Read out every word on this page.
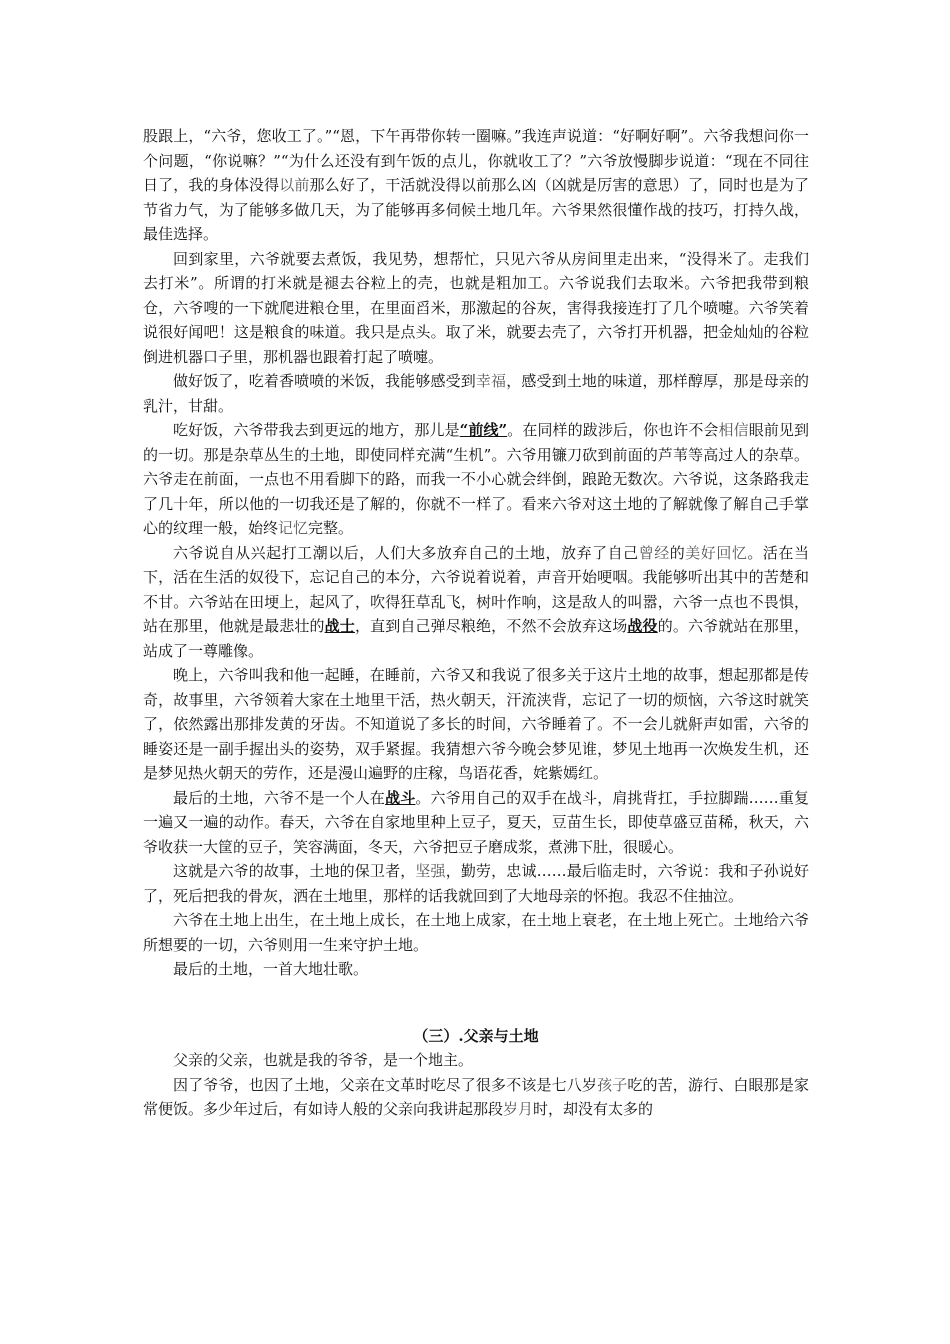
股跟上，“六爷，您收工了。”“恩，下午再带你转一圈嘛。”我连声说道：“好啊好啊”。六爷我想问你一个问题，“你说嘛？”“为什么还没有到午饭的点儿，你就收工了？”六爷放慢脚步说道：“现在不同往日了，我的身体没得以前那么好了，干活就没得以前那么凶（凶就是厉害的意思）了，同时也是为了节省力气，为了能够多做几天，为了能够再多伺候土地几年。六爷果然很懂作战的技巧，打持久战，最佳选择。

回到家里，六爷就要去煮饭，我见势，想帮忙，只见六爷从房间里走出来，“没得米了。走我们去打米”。所谓的打米就是褪去谷粒上的壳，也就是粗加工。六爷说我们去取米。六爷把我带到粮仓，六爷嗖的一下就爬进粮仓里，在里面舀米，那激起的谷灰，害得我接连打了几个喷嚏。六爷笑着说很好闻吧！这是粮食的味道。我只是点头。取了米，就要去壳了，六爷打开机器，把金灿灿的谷粒倒进机器口子里，那机器也跟着打起了喷嚏。

做好饭了，吃着香喷喷的米饭，我能够感受到幸福，感受到土地的味道，那样醇厚，那是母亲的乳汁，甘甜。

吃好饭，六爷带我去到更远的地方，那儿是“前线”。在同样的跋涉后，你也许不会相信眼前见到的一切。那是杂草丛生的土地，即使同样充满“生机”。六爷用镰刀砍到前面的芦苇等高过人的杂草。六爷走在前面，一点也不用看脚下的路，而我一不小心就会绊倒，踉跄无数次。六爷说，这条路我走了几十年，所以他的一切我还是了解的，你就不一样了。看来六爷对这土地的了解就像了解自己手掌心的纹理一般，始终记忆完整。

六爷说自从兴起打工潮以后，人们大多放弃自己的土地，放弃了自己曾经的美好回忆。活在当下，活在生活的奴役下，忘记自己的本分，六爷说着说着，声音开始哽咽。我能够听出其中的苦楚和不甘。六爷站在田埂上，起风了，吹得狂草乱飞，树叶作响，这是敌人的叫嚣，六爷一点也不畏惧，站在那里，他就是最悲壮的战士，直到自己弹尽粮绝，不然不会放弃这场战役的。六爷就站在那里，站成了一尊雕像。

晚上，六爷叫我和他一起睡，在睡前，六爷又和我说了很多关于这片土地的故事，想起那都是传奇，故事里，六爷领着大家在土地里干活，热火朝天，汗流浃背，忘记了一切的烦恼，六爷这时就笑了，依然露出那排发黄的牙齿。不知道说了多长的时间，六爷睡着了。不一会儿就鼾声如雷，六爷的睡姿还是一副手握出头的姿势，双手紧握。我猜想六爷今晚会梦见谁，梦见土地再一次焕发生机，还是梦见热火朝天的劳作，还是漫山遍野的庄稼，鸟语花香，姹紫嫣红。

最后的土地，六爷不是一个人在战斗。六爷用自己的双手在战斗，肩挑背扛，手拉脚踹……重复一遍又一遍的动作。春天，六爷在自家地里种上豆子，夏天，豆苗生长，即使草盛豆苗稀，秋天，六爷收获一大筐的豆子，笑容满面，冬天，六爷把豆子磨成浆，煮沸下肚，很暖心。

这就是六爷的故事，土地的保卫者，坚强，勤劳，忠诚……最后临走时，六爷说：我和子孙说好了，死后把我的骨灰，洒在土地里，那样的话我就回到了大地母亲的怀抱。我忍不住抽泣。

六爷在土地上出生，在土地上成长，在土地上成家，在土地上衰老，在土地上死亡。土地给六爷所想要的一切，六爷则用一生来守护土地。

最后的土地，一首大地壮歌。

（三）.父亲与土地

父亲的父亲，也就是我的爷爷，是一个地主。

因了爷爷，也因了土地，父亲在文革时吃尽了很多不该是七八岁孩子吃的苦，游行、白眼那是家常便饭。多少年过后，有如诗人般的父亲向我讲起那段岁月时，却没有太多的
